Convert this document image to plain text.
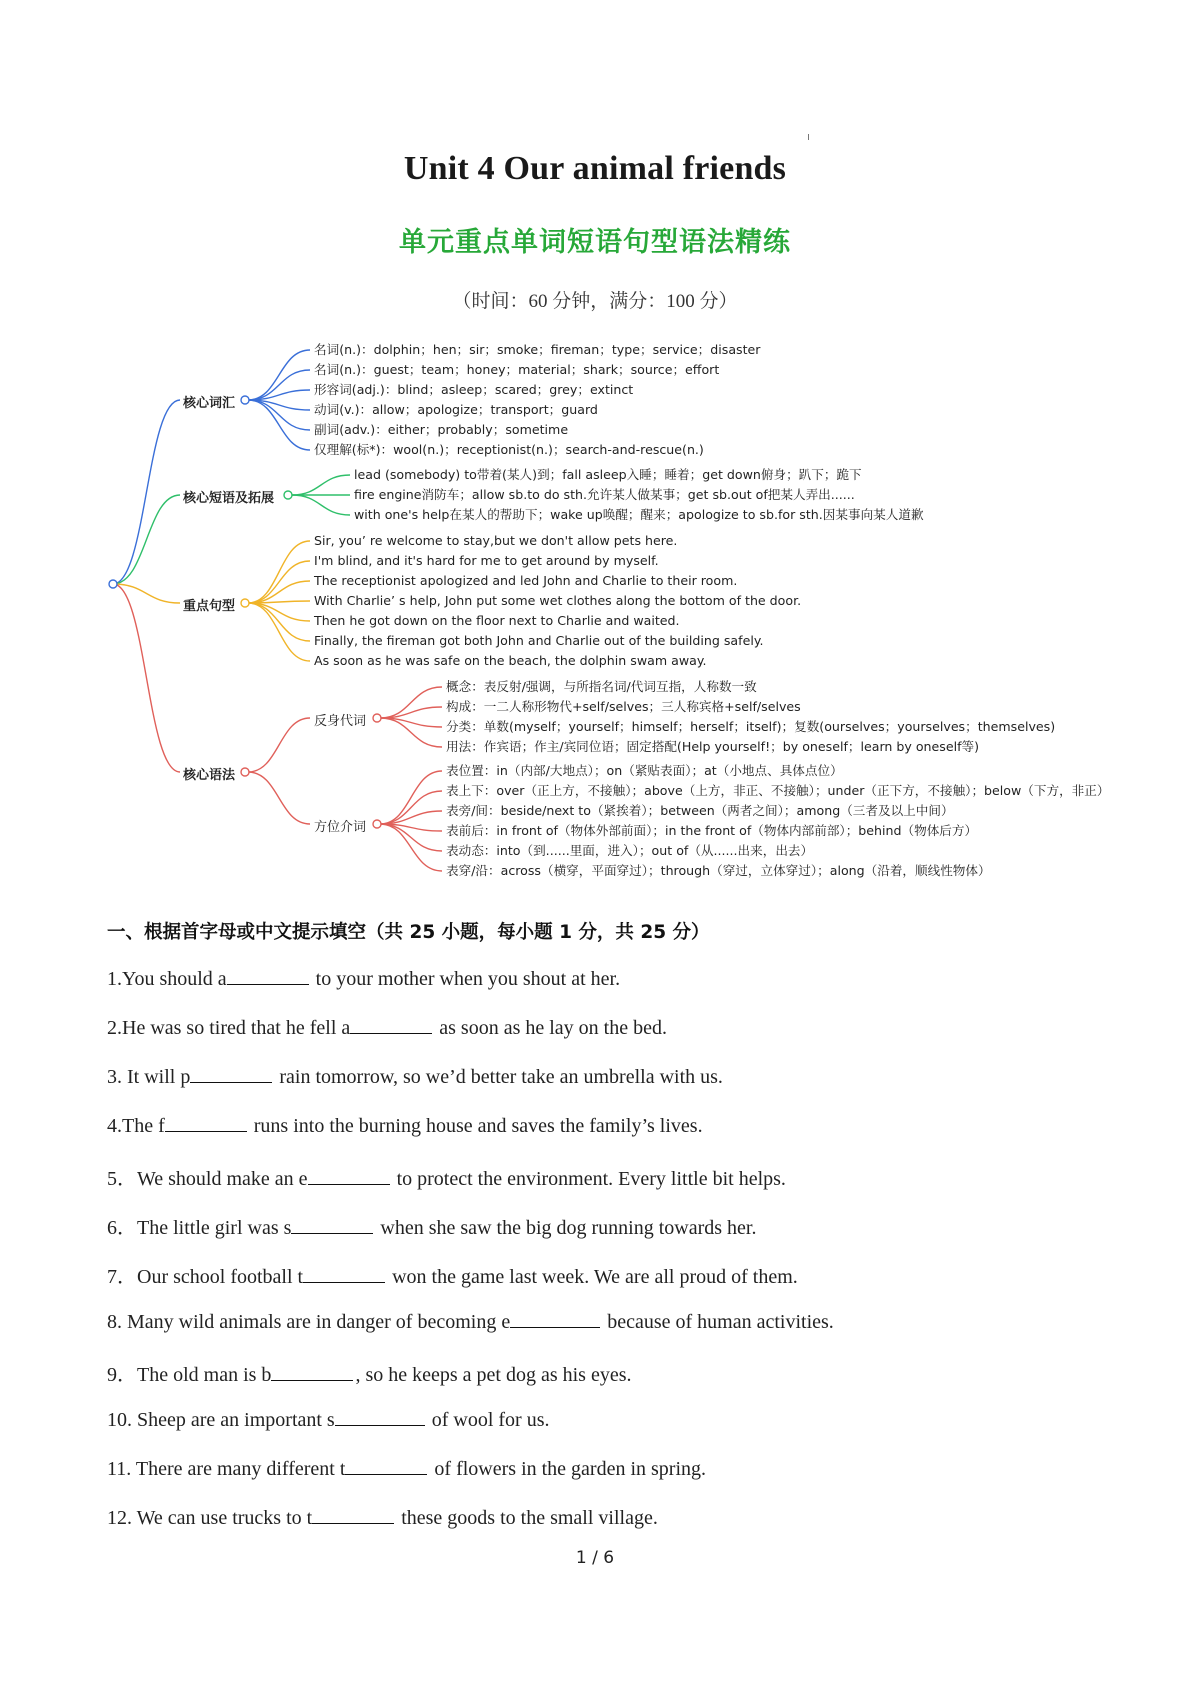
Unit 4 Our animal friends
单元重点单词短语句型语法精练
（时间：60 分钟，满分：100 分）
核心词汇
核心短语及拓展
重点句型
核心语法
反身代词
方位介词
名词(n.)：dolphin；hen；sir；smoke；fireman；type；service；disaster
名词(n.)：guest；team；honey；material；shark；source；effort
形容词(adj.)：blind；asleep；scared；grey；extinct
动词(v.)：allow；apologize；transport；guard
副词(adv.)：either；probably；sometime
仅理解(标*)：wool(n.)；receptionist(n.)；search-and-rescue(n.)
lead (somebody) to带着(某人)到；fall asleep入睡；睡着；get down俯身；趴下；跪下
fire engine消防车；allow sb.to do sth.允许某人做某事；get sb.out of把某人弄出......
with one's help在某人的帮助下；wake up唤醒；醒来；apologize to sb.for sth.因某事向某人道歉
Sir, you’ re welcome to stay,but we don't allow pets here.
I'm blind, and it's hard for me to get around by myself.
The receptionist apologized and led John and Charlie to their room.
With Charlie’ s help, John put some wet clothes along the bottom of the door.
Then he got down on the floor next to Charlie and waited.
Finally, the fireman got both John and Charlie out of the building safely.
As soon as he was safe on the beach, the dolphin swam away.
概念：表反射/强调，与所指名词/代词互指，人称数一致
构成：一二人称形物代+self/selves；三人称宾格+self/selves
分类：单数(myself；yourself；himself；herself；itself)；复数(ourselves；yourselves；themselves)
用法：作宾语；作主/宾同位语；固定搭配(Help yourself!；by oneself；learn by oneself等)
表位置：in（内部/大地点）；on（紧贴表面）；at（小地点、具体点位）
表上下：over（正上方，不接触）；above（上方，非正、不接触）；under（正下方，不接触）；below（下方，非正）
表旁/间：beside/next to（紧挨着）；between（两者之间）；among（三者及以上中间）
表前后：in front of（物体外部前面）；in the front of（物体内部前部）；behind（物体后方）
表动态：into（到......里面，进入）；out of（从......出来，出去）
表穿/沿：across（横穿，平面穿过）；through（穿过，立体穿过）；along（沿着，顺线性物体）
一、根据首字母或中文提示填空（共 25 小题，每小题 1 分，共 25 分）
1.You should a	to your mother when you shout at her.
2.He was so tired that he fell a	as soon as he lay on the bed.
3. It will p	rain tomorrow, so we’d better take an umbrella with us.
4.The f	runs into the burning house and saves the family’s lives.
5．We should make an e	to protect the environment. Every little bit helps.
6．The little girl was s	when she saw the big dog running towards her.
7．Our school football t	won the game last week. We are all proud of them.
8. Many wild animals are in danger of becoming e	because of human activities.
9．The old man is b	, so he keeps a pet dog as his eyes.
10. Sheep are an important s	of wool for us.
11. There are many different t	of flowers in the garden in spring.
12. We can use trucks to t	these goods to the small village.
1 / 6
